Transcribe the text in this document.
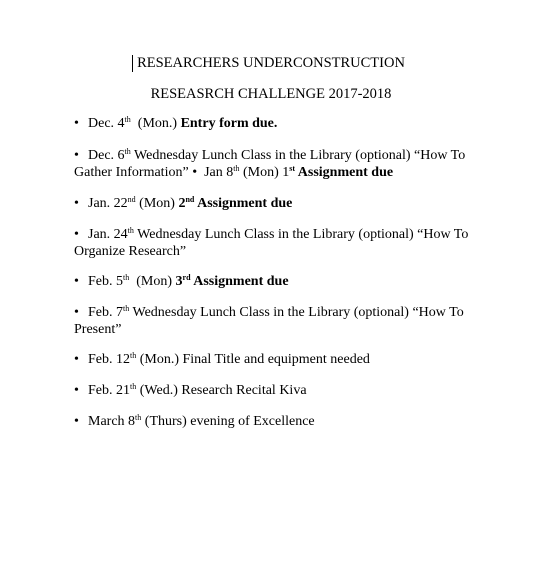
RESEARCHERS UNDERCONSTRUCTION
RESEASRCH CHALLENGE 2017-2018
• Dec. 4th  (Mon.) Entry form due.
• Dec. 6th Wednesday Lunch Class in the Library (optional) “How To Gather Information” •  Jan 8th (Mon) 1st Assignment due
• Jan. 22nd (Mon) 2nd Assignment due
• Jan. 24th Wednesday Lunch Class in the Library (optional) “How To Organize Research”
• Feb. 5th  (Mon) 3rd Assignment due
• Feb. 7th Wednesday Lunch Class in the Library (optional) “How To Present”
• Feb. 12th (Mon.) Final Title and equipment needed
• Feb. 21th (Wed.) Research Recital Kiva
• March 8th (Thurs) evening of Excellence
